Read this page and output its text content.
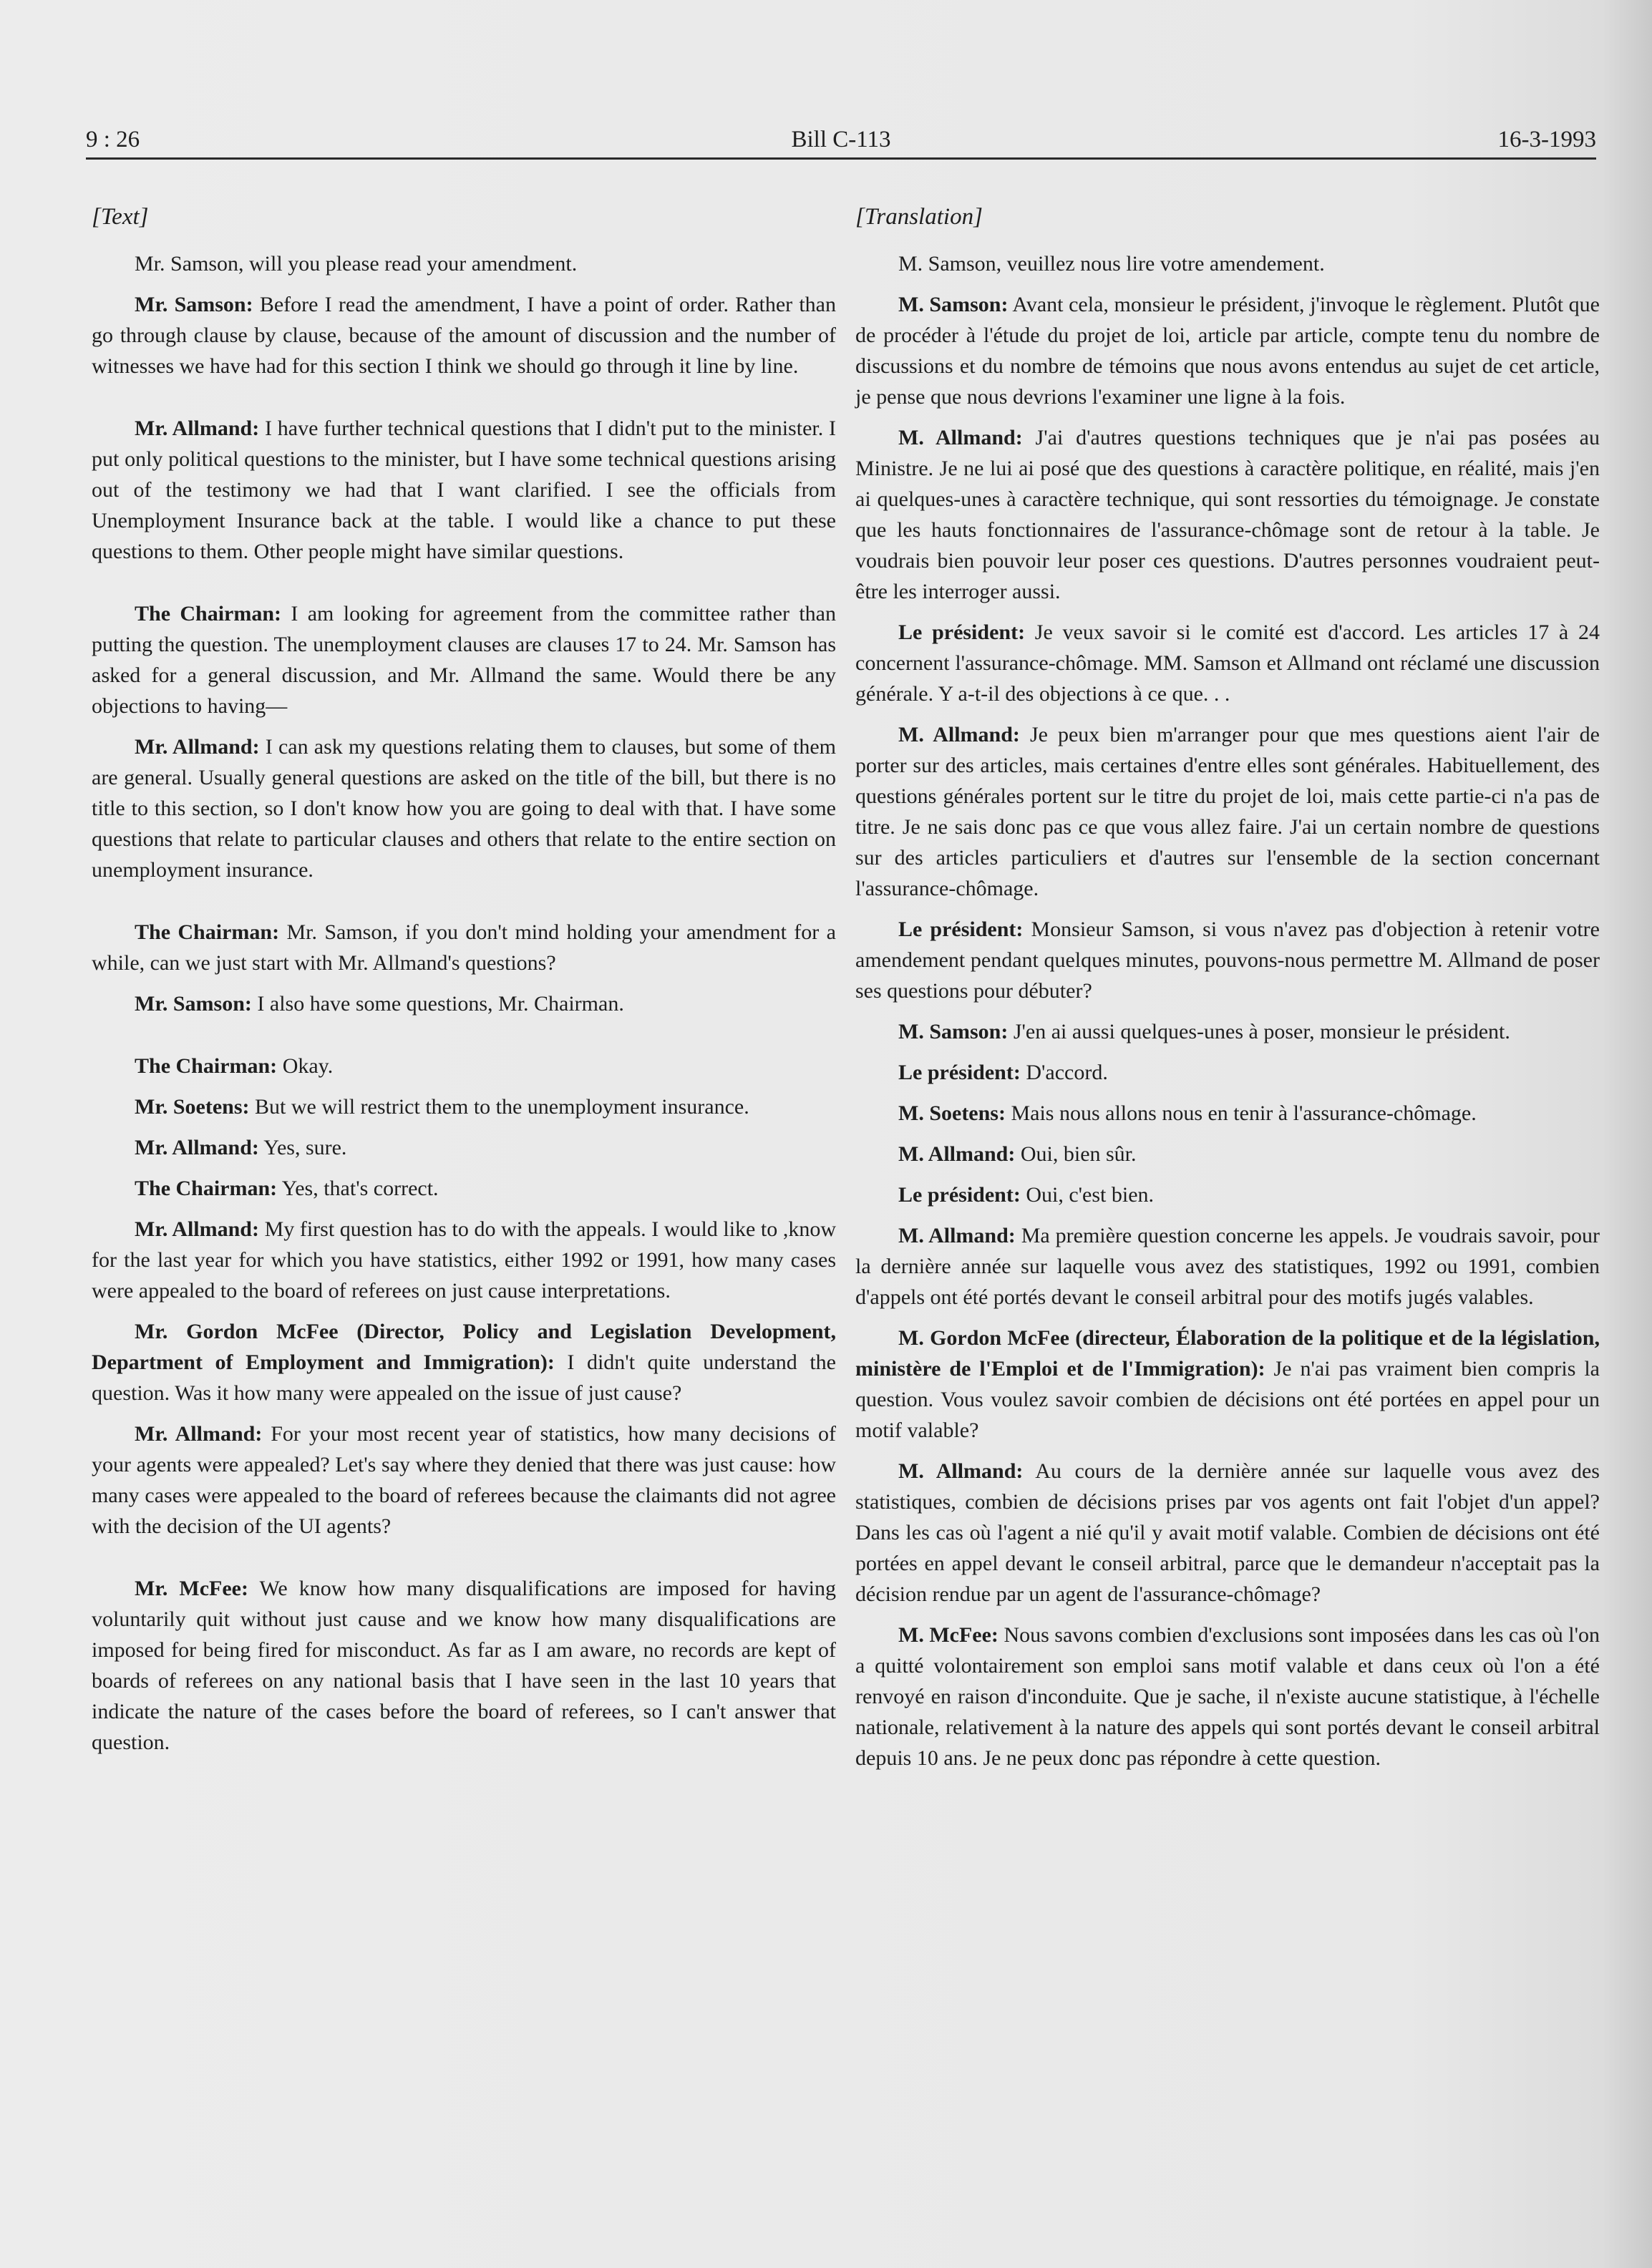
9 : 26	Bill C-113	16-3-1993
[Text]

Mr. Samson, will you please read your amendment.

Mr. Samson: Before I read the amendment, I have a point of order. Rather than go through clause by clause, because of the amount of discussion and the number of witnesses we have had for this section I think we should go through it line by line.

Mr. Allmand: I have further technical questions that I didn't put to the minister. I put only political questions to the minister, but I have some technical questions arising out of the testimony we had that I want clarified. I see the officials from Unemployment Insurance back at the table. I would like a chance to put these questions to them. Other people might have similar questions.

The Chairman: I am looking for agreement from the committee rather than putting the question. The unemployment clauses are clauses 17 to 24. Mr. Samson has asked for a general discussion, and Mr. Allmand the same. Would there be any objections to having—

Mr. Allmand: I can ask my questions relating them to clauses, but some of them are general. Usually general questions are asked on the title of the bill, but there is no title to this section, so I don't know how you are going to deal with that. I have some questions that relate to particular clauses and others that relate to the entire section on unemployment insurance.

The Chairman: Mr. Samson, if you don't mind holding your amendment for a while, can we just start with Mr. Allmand's questions?

Mr. Samson: I also have some questions, Mr. Chairman.

The Chairman: Okay.

Mr. Soetens: But we will restrict them to the unemployment insurance.

Mr. Allmand: Yes, sure.

The Chairman: Yes, that's correct.

Mr. Allmand: My first question has to do with the appeals. I would like to ,know for the last year for which you have statistics, either 1992 or 1991, how many cases were appealed to the board of referees on just cause interpretations.

Mr. Gordon McFee (Director, Policy and Legislation Development, Department of Employment and Immigration): I didn't quite understand the question. Was it how many were appealed on the issue of just cause?

Mr. Allmand: For your most recent year of statistics, how many decisions of your agents were appealed? Let's say where they denied that there was just cause: how many cases were appealed to the board of referees because the claimants did not agree with the decision of the UI agents?

Mr. McFee: We know how many disqualifications are imposed for having voluntarily quit without just cause and we know how many disqualifications are imposed for being fired for misconduct. As far as I am aware, no records are kept of boards of referees on any national basis that I have seen in the last 10 years that indicate the nature of the cases before the board of referees, so I can't answer that question.

[Translation]

M. Samson, veuillez nous lire votre amendement.

M. Samson: Avant cela, monsieur le président, j'invoque le règlement. Plutôt que de procéder à l'étude du projet de loi, article par article, compte tenu du nombre de discussions et du nombre de témoins que nous avons entendus au sujet de cet article, je pense que nous devrions l'examiner une ligne à la fois.

M. Allmand: J'ai d'autres questions techniques que je n'ai pas posées au Ministre. Je ne lui ai posé que des questions à caractère politique, en réalité, mais j'en ai quelques-unes à caractère technique, qui sont ressorties du témoignage. Je constate que les hauts fonctionnaires de l'assurance-chômage sont de retour à la table. Je voudrais bien pouvoir leur poser ces questions. D'autres personnes voudraient peut-être les interroger aussi.

Le président: Je veux savoir si le comité est d'accord. Les articles 17 à 24 concernent l'assurance-chômage. MM. Samson et Allmand ont réclamé une discussion générale. Y a-t-il des objections à ce que. . .

M. Allmand: Je peux bien m'arranger pour que mes questions aient l'air de porter sur des articles, mais certaines d'entre elles sont générales. Habituellement, des questions générales portent sur le titre du projet de loi, mais cette partie-ci n'a pas de titre. Je ne sais donc pas ce que vous allez faire. J'ai un certain nombre de questions sur des articles particuliers et d'autres sur l'ensemble de la section concernant l'assurance-chômage.

Le président: Monsieur Samson, si vous n'avez pas d'objection à retenir votre amendement pendant quelques minutes, pouvons-nous permettre M. Allmand de poser ses questions pour débuter?

M. Samson: J'en ai aussi quelques-unes à poser, monsieur le président.

Le président: D'accord.

M. Soetens: Mais nous allons nous en tenir à l'assurance-chômage.

M. Allmand: Oui, bien sûr.

Le président: Oui, c'est bien.

M. Allmand: Ma première question concerne les appels. Je voudrais savoir, pour la dernière année sur laquelle vous avez des statistiques, 1992 ou 1991, combien d'appels ont été portés devant le conseil arbitral pour des motifs jugés valables.

M. Gordon McFee (directeur, Élaboration de la politique et de la législation, ministère de l'Emploi et de l'Immigration): Je n'ai pas vraiment bien compris la question. Vous voulez savoir combien de décisions ont été portées en appel pour un motif valable?

M. Allmand: Au cours de la dernière année sur laquelle vous avez des statistiques, combien de décisions prises par vos agents ont fait l'objet d'un appel? Dans les cas où l'agent a nié qu'il y avait motif valable. Combien de décisions ont été portées en appel devant le conseil arbitral, parce que le demandeur n'acceptait pas la décision rendue par un agent de l'assurance-chômage?

M. McFee: Nous savons combien d'exclusions sont imposées dans les cas où l'on a quitté volontairement son emploi sans motif valable et dans ceux où l'on a été renvoyé en raison d'inconduite. Que je sache, il n'existe aucune statistique, à l'échelle nationale, relativement à la nature des appels qui sont portés devant le conseil arbitral depuis 10 ans. Je ne peux donc pas répondre à cette question.
